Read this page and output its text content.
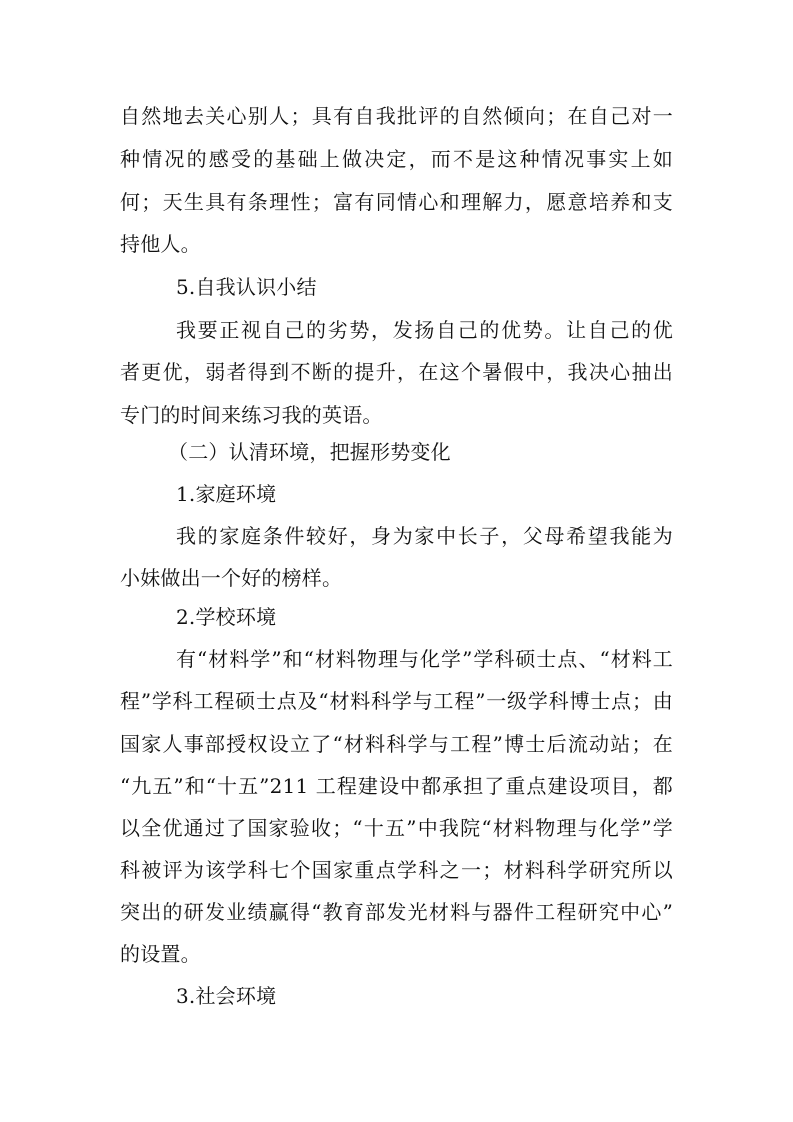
自然地去关心别人；具有自我批评的自然倾向；在自己对一
种情况的感受的基础上做决定，而不是这种情况事实上如
何；天生具有条理性；富有同情心和理解力，愿意培养和支
持他人。
5.自我认识小结
我要正视自己的劣势，发扬自己的优势。让自己的优
者更优，弱者得到不断的提升，在这个暑假中，我决心抽出
专门的时间来练习我的英语。
（二）认清环境，把握形势变化
1.家庭环境
我的家庭条件较好，身为家中长子，父母希望我能为
小妹做出一个好的榜样。
2.学校环境
有“材料学”和“材料物理与化学”学科硕士点、“材料工
程”学科工程硕士点及“材料科学与工程”一级学科博士点；由
国家人事部授权设立了“材料科学与工程”博士后流动站；在
“九五”和“十五”211 工程建设中都承担了重点建设项目，都
以全优通过了国家验收；“十五”中我院“材料物理与化学”学
科被评为该学科七个国家重点学科之一；材料科学研究所以
突出的研发业绩赢得“教育部发光材料与器件工程研究中心”
的设置。
3.社会环境
